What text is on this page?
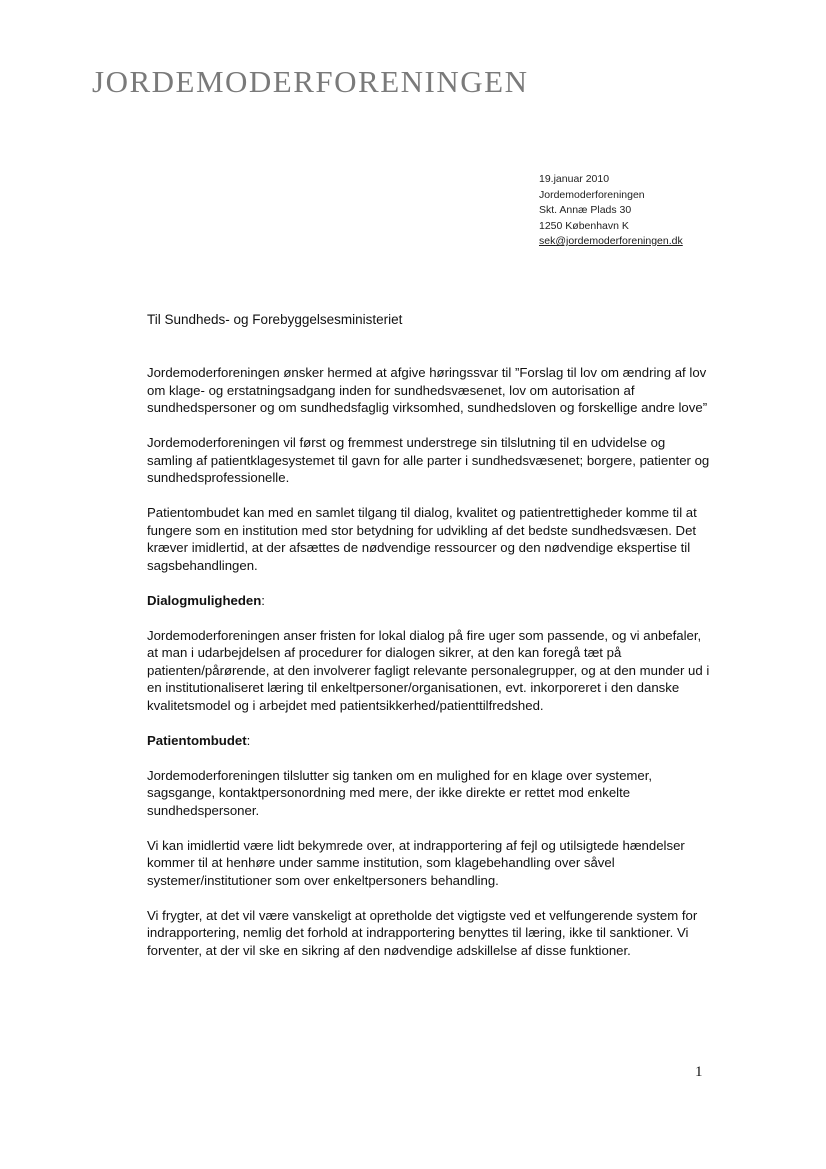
JORDEMODERFORENINGEN
19.januar 2010
Jordemoderforeningen
Skt. Annæ Plads 30
1250 København K
sek@jordemoderforeningen.dk

Til Sundheds- og Forebyggelsesministeriet

Jordemoderforeningen ønsker hermed at afgive høringssvar til ”Forslag til lov om ændring af lov om klage- og erstatningsadgang inden for sundhedsvæsenet, lov om autorisation af sundhedspersoner og om sundhedsfaglig virksomhed, sundhedsloven og forskellige andre love”

Jordemoderforeningen vil først og fremmest understrege sin tilslutning til en udvidelse og samling af patientklagesystemet til gavn for alle parter i sundhedsvæsenet; borgere, patienter og sundhedsprofessionelle.

Patientombudet kan med en samlet tilgang til dialog, kvalitet og patientrettigheder komme til at fungere som en institution med stor betydning for udvikling af det bedste sundhedsvæsen. Det kræver imidlertid, at der afsættes de nødvendige ressourcer og den nødvendige ekspertise til sagsbehandlingen.

Dialogmuligheden:

Jordemoderforeningen anser fristen for lokal dialog på fire uger som passende, og vi anbefaler, at man i udarbejdelsen af procedurer for dialogen sikrer, at den kan foregå tæt på patienten/pårørende, at den involverer fagligt relevante personalegrupper, og at den munder ud i en institutionaliseret læring til enkeltpersoner/organisationen, evt. inkorporeret i den danske kvalitetsmodel og i arbejdet med patientsikkerhed/patienttilfredshed.

Patientombudet:

Jordemoderforeningen tilslutter sig tanken om en mulighed for en klage over systemer, sagsgange, kontaktpersonordning med mere, der ikke direkte er rettet mod enkelte sundhedspersoner.

Vi kan imidlertid være lidt bekymrede over, at indrapportering af fejl og utilsigtede hændelser kommer til at henhøre under samme institution, som klagebehandling over såvel systemer/institutioner som over enkeltpersoners behandling.

Vi frygter, at det vil være vanskeligt at opretholde det vigtigste ved et velfungerende system for indrapportering, nemlig det forhold at indrapportering benyttes til læring, ikke til sanktioner. Vi forventer, at der vil ske en sikring af den nødvendige adskillelse af disse funktioner.

1
